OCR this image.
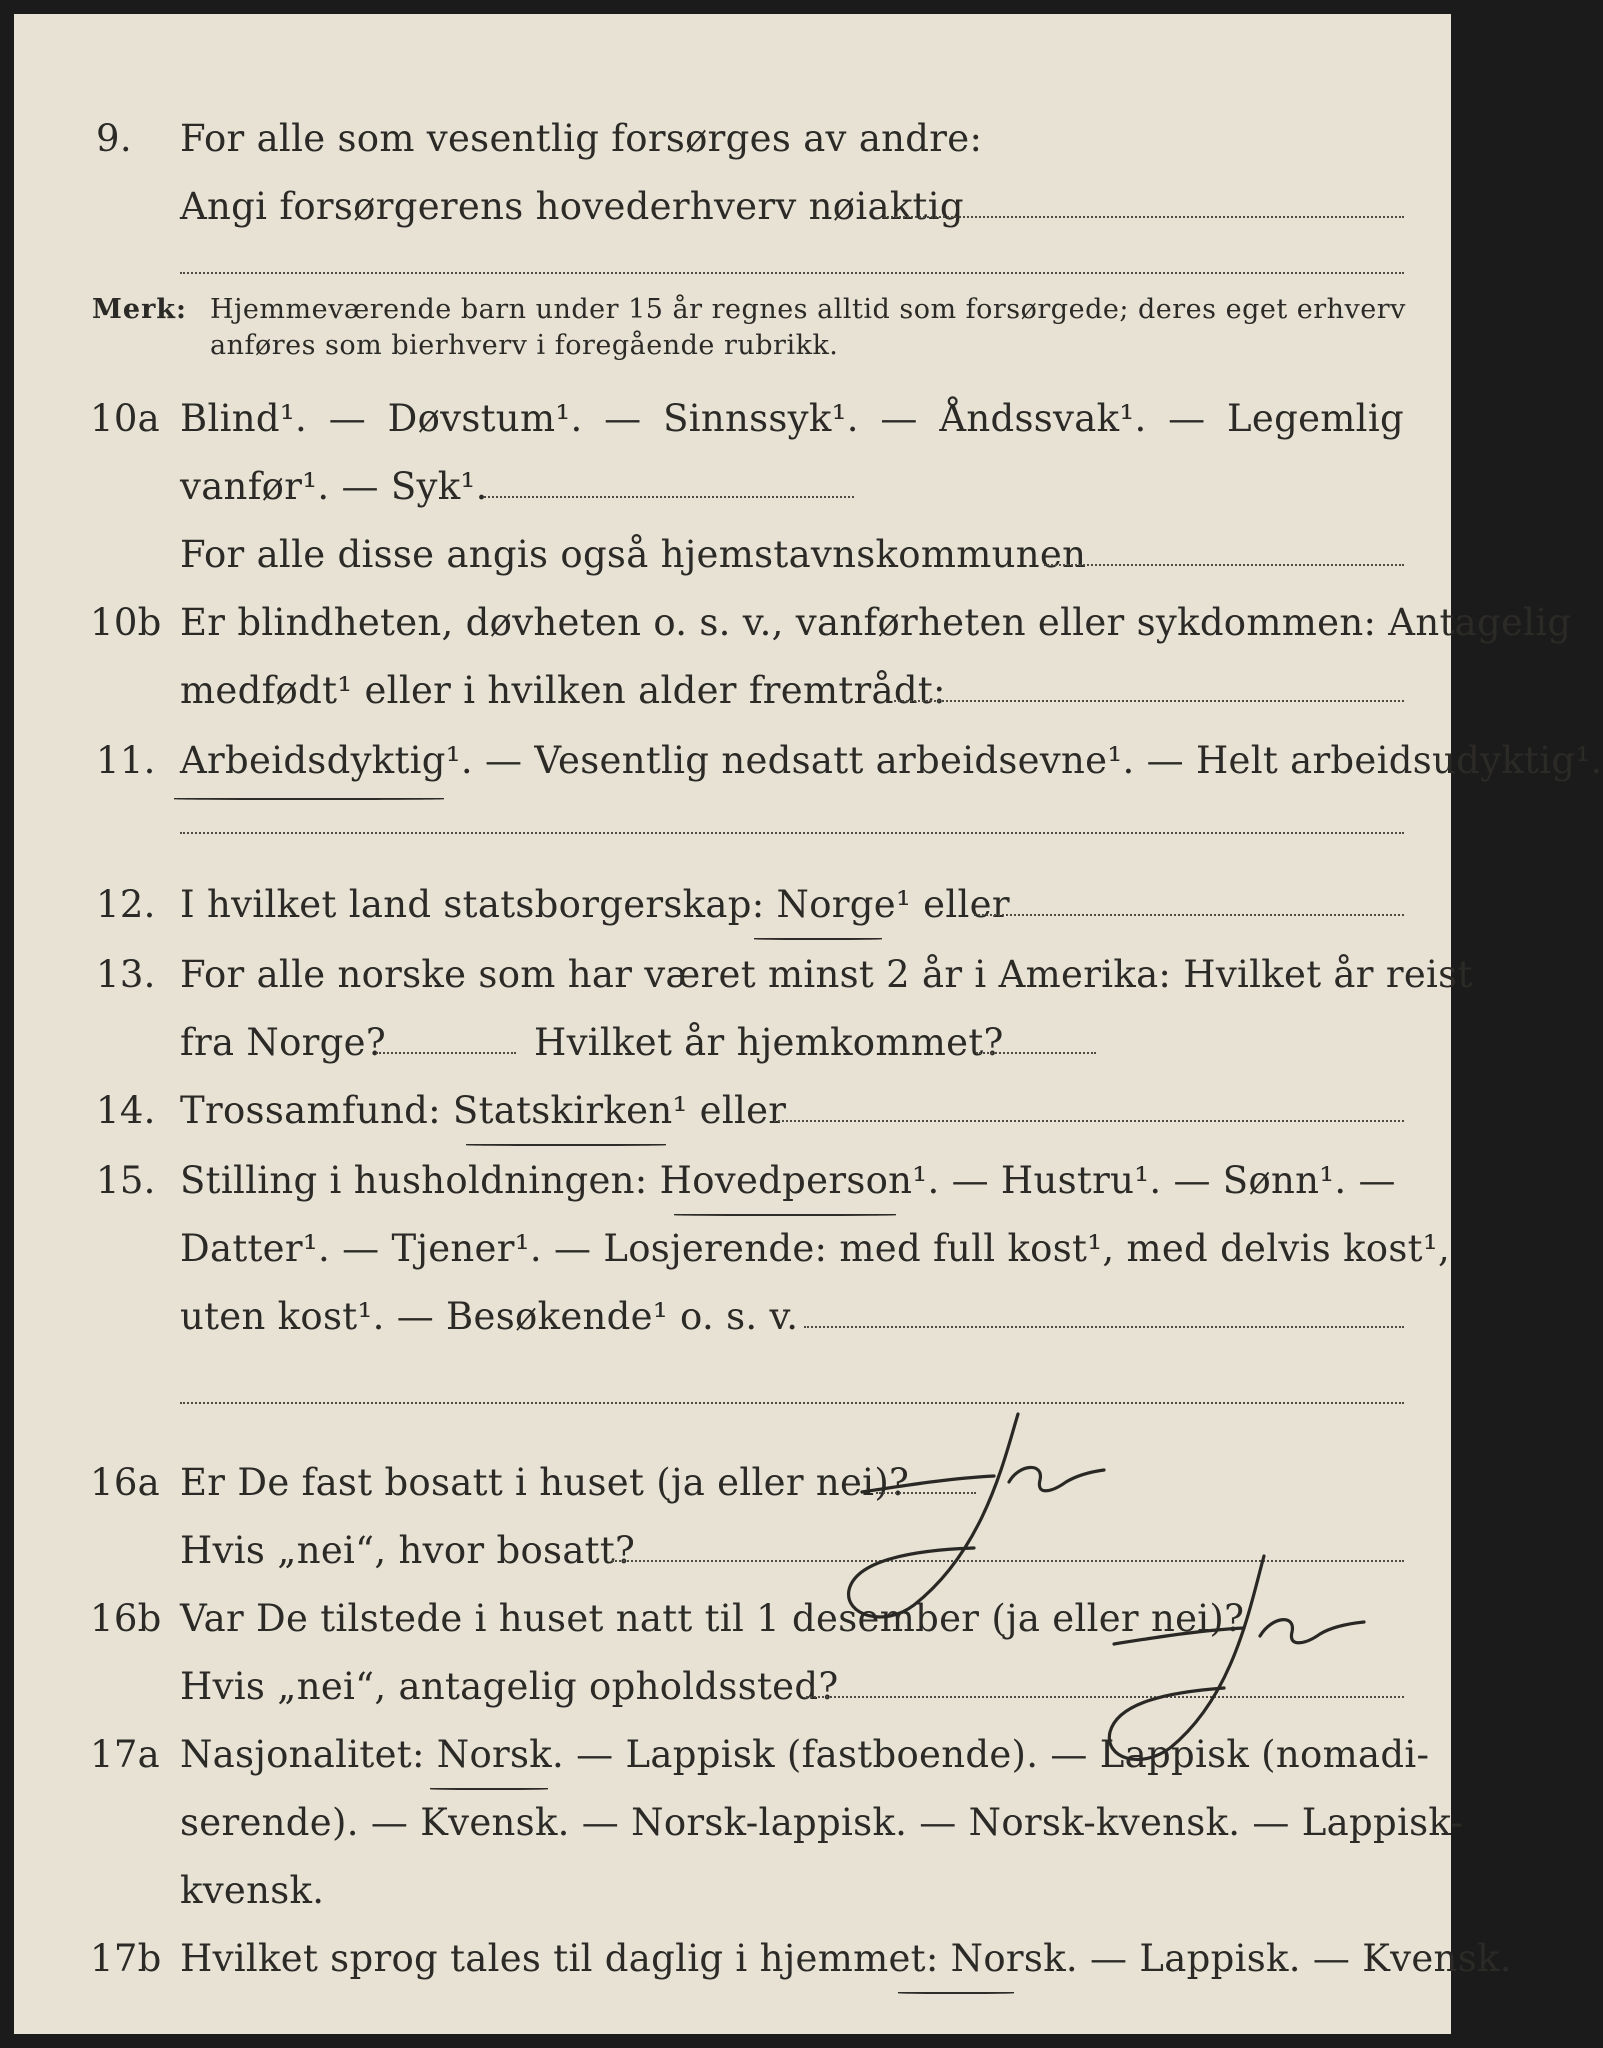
9. For alle som vesentlig forsørges av andre:
Angi forsørgerens hovederhverv nøiaktig
Merk: Hjemmeværende barn under 15 år regnes alltid som forsørgede; deres eget erhverv
anføres som bierhverv i foregående rubrikk.
10a Blind¹. — Døvstum¹. — Sinnssyk¹. — Åndssvak¹. — Legemlig
vanfør¹. — Syk¹.
For alle disse angis også hjemstavnskommunen
10b Er blindheten, døvheten o. s. v., vanførheten eller sykdommen: Antagelig
medfødt¹ eller i hvilken alder fremtrådt:
11. Arbeidsdyktig¹. — Vesentlig nedsatt arbeidsevne¹. — Helt arbeidsudyktig¹.
12. I hvilket land statsborgerskap: Norge¹ eller
13. For alle norske som har været minst 2 år i Amerika: Hvilket år reist
fra Norge?	Hvilket år hjemkommet?
14. Trossamfund: Statskirken¹ eller
15. Stilling i husholdningen: Hovedperson¹. — Hustru¹. — Sønn¹. —
Datter¹. — Tjener¹. — Losjerende: med full kost¹, med delvis kost¹,
uten kost¹. — Besøkende¹ o. s. v.
16a Er De fast bosatt i huset (ja eller nei)?
Hvis „nei“, hvor bosatt?
16b Var De tilstede i huset natt til 1 desember (ja eller nei)?
Hvis „nei“, antagelig opholdssted?
17a Nasjonalitet: Norsk. — Lappisk (fastboende). — Lappisk (nomadi-
serende). — Kvensk. — Norsk-lappisk. — Norsk-kvensk. — Lappisk-
kvensk.
17b Hvilket sprog tales til daglig i hjemmet: Norsk. — Lappisk. — Kvensk.
